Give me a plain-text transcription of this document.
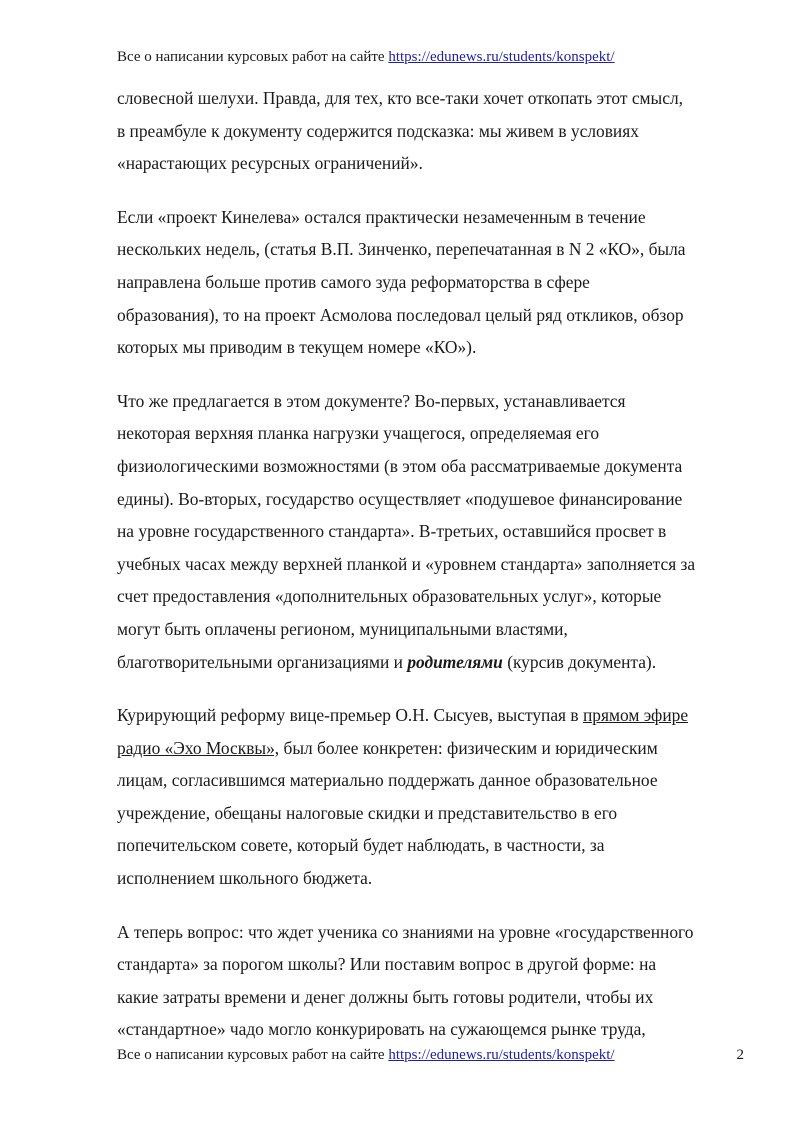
Все о написании курсовых работ на сайте https://edunews.ru/students/konspekt/

словесной шелухи. Правда, для тех, кто все-таки хочет откопать этот смысл,
в преамбуле к документу содержится подсказка: мы живем в условиях
«нарастающих ресурсных ограничений».

Если «проект Кинелева» остался практически незамеченным в течение
нескольких недель, (статья В.П. Зинченко, перепечатанная в N 2 «КО», была
направлена больше против самого зуда реформаторства в сфере
образования), то на проект Асмолова последовал целый ряд откликов, обзор
которых мы приводим в текущем номере «КО»).

Что же предлагается в этом документе? Во-первых, устанавливается
некоторая верхняя планка нагрузки учащегося, определяемая его
физиологическими возможностями (в этом оба рассматриваемые документа
едины). Во-вторых, государство осуществляет «подушевое финансирование
на уровне государственного стандарта». В-третьих, оставшийся просвет в
учебных часах между верхней планкой и «уровнем стандарта» заполняется за
счет предоставления «дополнительных образовательных услуг», которые
могут быть оплачены регионом, муниципальными властями,
благотворительными организациями и родителями (курсив документа).

Курирующий реформу вице-премьер О.Н. Сысуев, выступая в прямом эфире
радио «Эхо Москвы», был более конкретен: физическим и юридическим
лицам, согласившимся материально поддержать данное образовательное
учреждение, обещаны налоговые скидки и представительство в его
попечительском совете, который будет наблюдать, в частности, за
исполнением школьного бюджета.

А теперь вопрос: что ждет ученика со знаниями на уровне «государственного
стандарта» за порогом школы? Или поставим вопрос в другой форме: на
какие затраты времени и денег должны быть готовы родители, чтобы их
«стандартное» чадо могло конкурировать на сужающемся рынке труда,

Все о написании курсовых работ на сайте https://edunews.ru/students/konspekt/	2
